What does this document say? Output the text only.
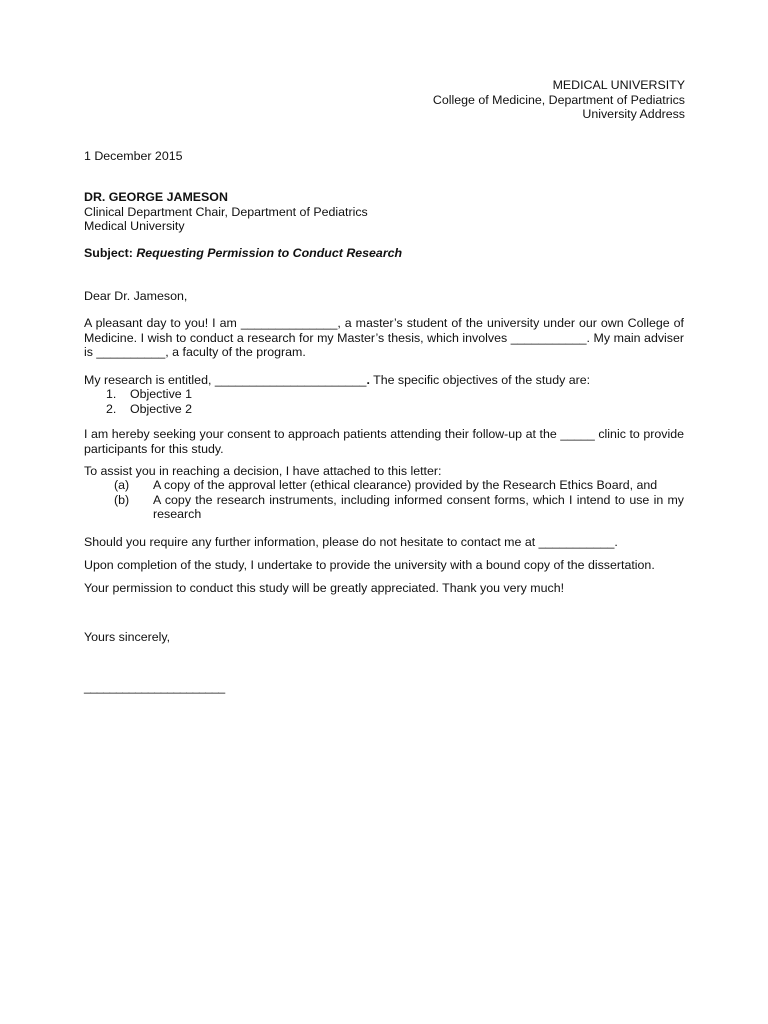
MEDICAL UNIVERSITY
College of Medicine, Department of Pediatrics
University Address
1 December 2015
DR. GEORGE JAMESON
Clinical Department Chair, Department of Pediatrics
Medical University
Subject: Requesting Permission to Conduct Research
Dear Dr. Jameson,
A pleasant day to you! I am ______________, a master’s student of the university under our own College of Medicine. I wish to conduct a research for my Master’s thesis, which involves ___________. My main adviser is __________, a faculty of the program.
My research is entitled, ______________________. The specific objectives of the study are:
1. Objective 1
2. Objective 2
I am hereby seeking your consent to approach patients attending their follow-up at the _____ clinic to provide participants for this study.
To assist you in reaching a decision, I have attached to this letter:
(a) A copy of the approval letter (ethical clearance) provided by the Research Ethics Board, and
(b) A copy the research instruments, including informed consent forms, which I intend to use in my research
Should you require any further information, please do not hesitate to contact me at ___________.
Upon completion of the study, I undertake to provide the university with a bound copy of the dissertation.
Your permission to conduct this study will be greatly appreciated. Thank you very much!
Yours sincerely,
______________________
